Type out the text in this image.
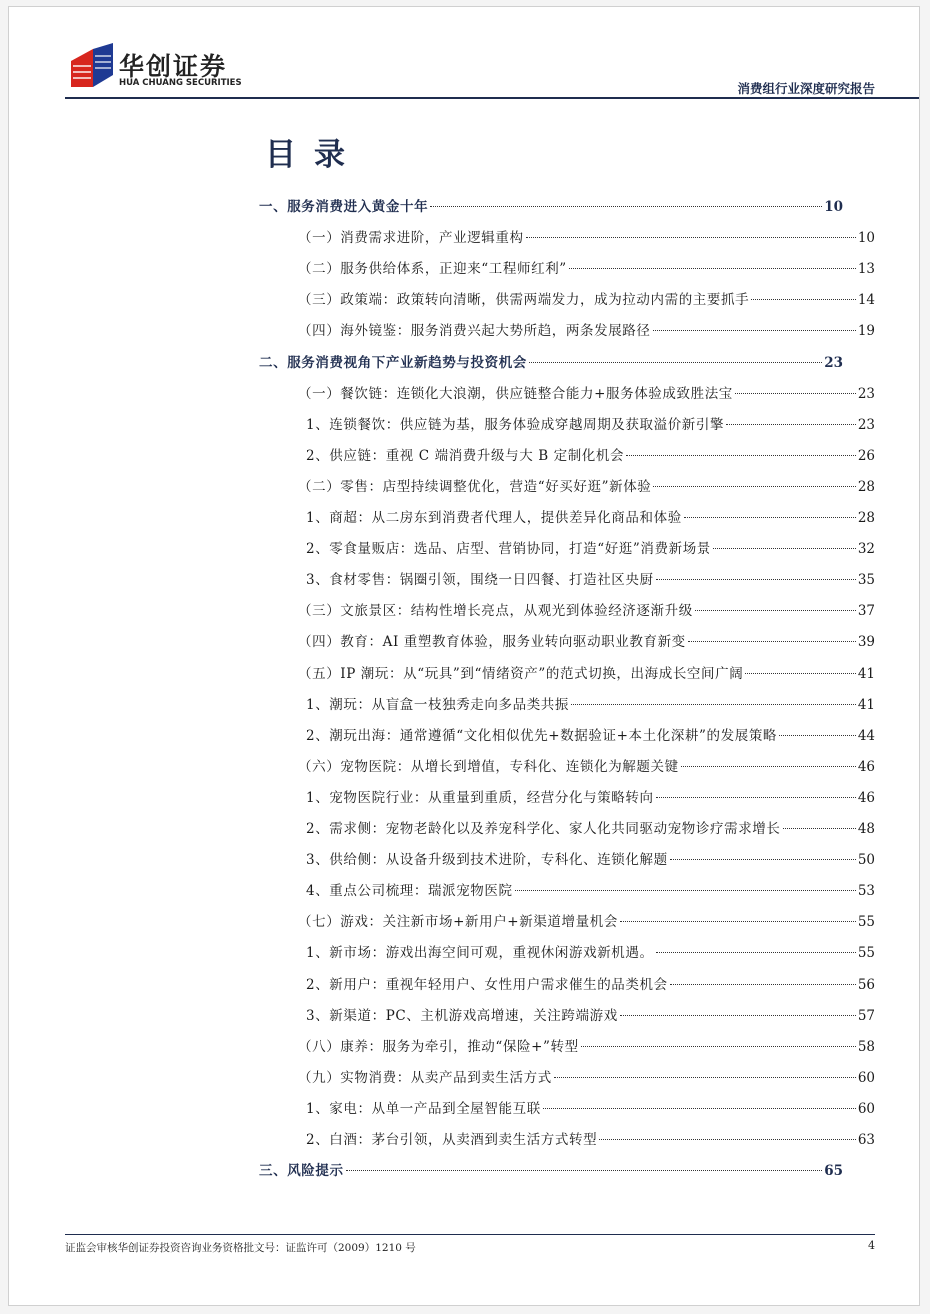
华创证券
HUA CHUANG SECURITIES	消费组行业深度研究报告
目录
一、服务消费进入黄金十年	10
（一）消费需求进阶，产业逻辑重构	10
（二）服务供给体系，正迎来“工程师红利”	13
（三）政策端：政策转向清晰，供需两端发力，成为拉动内需的主要抓手	14
（四）海外镜鉴：服务消费兴起大势所趋，两条发展路径	19
二、服务消费视角下产业新趋势与投资机会	23
（一）餐饮链：连锁化大浪潮，供应链整合能力+服务体验成致胜法宝	23
1、连锁餐饮：供应链为基，服务体验成穿越周期及获取溢价新引擎	23
2、供应链：重视 C 端消费升级与大 B 定制化机会	26
（二）零售：店型持续调整优化，营造“好买好逛”新体验	28
1、商超：从二房东到消费者代理人，提供差异化商品和体验	28
2、零食量贩店：选品、店型、营销协同，打造“好逛”消费新场景	32
3、食材零售：锅圈引领，围绕一日四餐、打造社区央厨	35
（三）文旅景区：结构性增长亮点，从观光到体验经济逐渐升级	37
（四）教育：AI 重塑教育体验，服务业转向驱动职业教育新变	39
（五）IP 潮玩：从“玩具”到“情绪资产”的范式切换，出海成长空间广阔	41
1、潮玩：从盲盒一枝独秀走向多品类共振	41
2、潮玩出海：通常遵循“文化相似优先+数据验证+本土化深耕”的发展策略	44
（六）宠物医院：从增长到增值，专科化、连锁化为解题关键	46
1、宠物医院行业：从重量到重质，经营分化与策略转向	46
2、需求侧：宠物老龄化以及养宠科学化、家人化共同驱动宠物诊疗需求增长	48
3、供给侧：从设备升级到技术进阶，专科化、连锁化解题	50
4、重点公司梳理：瑞派宠物医院	53
（七）游戏：关注新市场+新用户+新渠道增量机会	55
1、新市场：游戏出海空间可观，重视休闲游戏新机遇。	55
2、新用户：重视年轻用户、女性用户需求催生的品类机会	56
3、新渠道：PC、主机游戏高增速，关注跨端游戏	57
（八）康养：服务为牵引，推动“保险+”转型	58
（九）实物消费：从卖产品到卖生活方式	60
1、家电：从单一产品到全屋智能互联	60
2、白酒：茅台引领，从卖酒到卖生活方式转型	63
三、风险提示	65
证监会审核华创证券投资咨询业务资格批文号：证监许可（2009）1210 号	4
